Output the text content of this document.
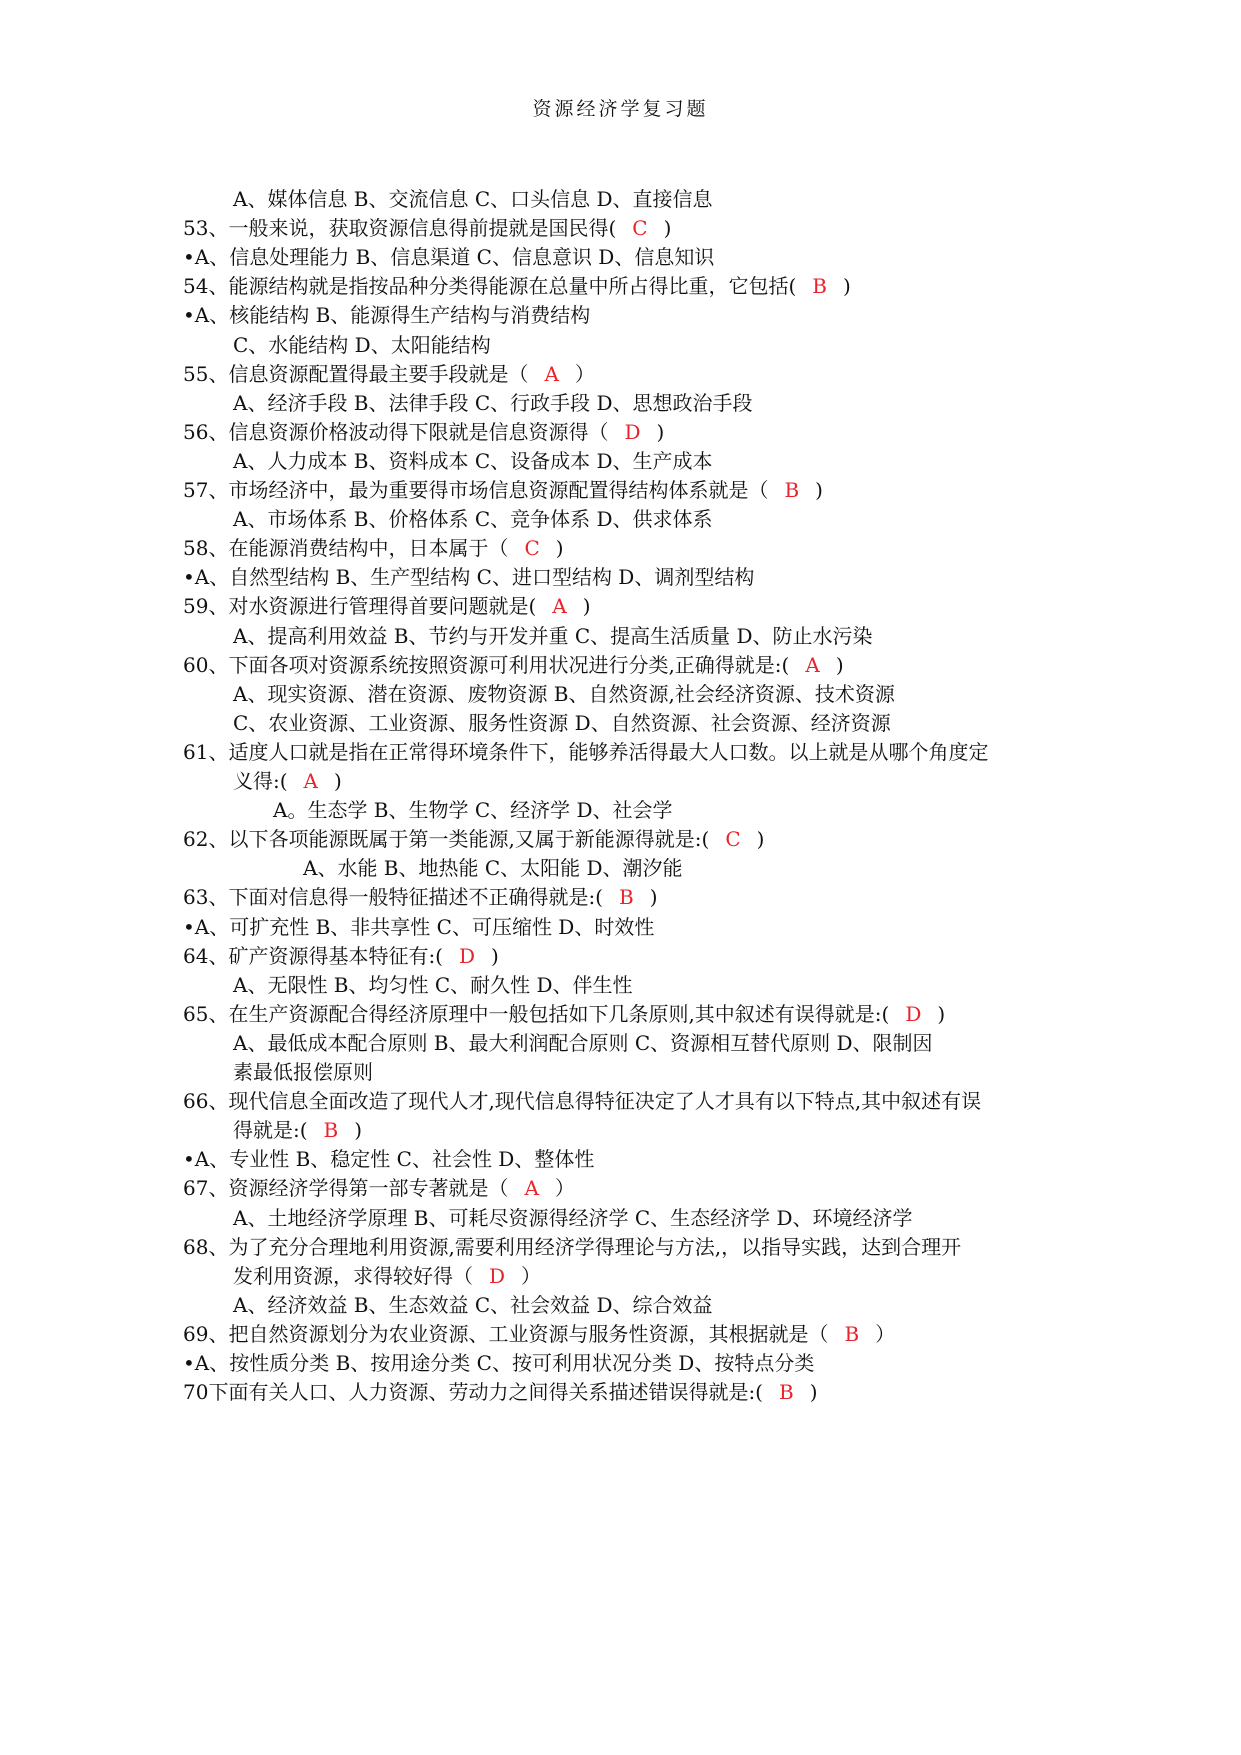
资源经济学复习题
A、媒体信息 B、交流信息 C、口头信息 D、直接信息
53、一般来说，获取资源信息得前提就是国民得( C)
•A、信息处理能力 B、信息渠道 C、信息意识 D、信息知识
54、能源结构就是指按品种分类得能源在总量中所占得比重，它包括( B)
•A、核能结构 B、能源得生产结构与消费结构
C、水能结构 D、太阳能结构
55、信息资源配置得最主要手段就是（ A）
A、经济手段 B、法律手段 C、行政手段 D、思想政治手段
56、信息资源价格波动得下限就是信息资源得（ D)
A、人力成本 B、资料成本 C、设备成本 D、生产成本
57、市场经济中，最为重要得市场信息资源配置得结构体系就是（ B)
A、市场体系 B、价格体系 C、竞争体系 D、供求体系
58、在能源消费结构中，日本属于（ C )
•A、自然型结构 B、生产型结构 C、进口型结构 D、调剂型结构
59、对水资源进行管理得首要问题就是( A)
A、提高利用效益 B、节约与开发并重 C、提高生活质量 D、防止水污染
60、下面各项对资源系统按照资源可利用状况进行分类,正确得就是:( A )
A、现实资源、潜在资源、废物资源 B、自然资源,社会经济资源、技术资源
C、农业资源、工业资源、服务性资源 D、自然资源、社会资源、经济资源
61、适度人口就是指在正常得环境条件下，能够养活得最大人口数。以上就是从哪个角度定
义得:( A )
A。生态学 B、生物学 C、经济学 D、社会学
62、以下各项能源既属于第一类能源,又属于新能源得就是:( C)
A、水能 B、地热能 C、太阳能 D、潮汐能
63、下面对信息得一般特征描述不正确得就是:( B)
•A、可扩充性 B、非共享性 C、可压缩性 D、时效性
64、矿产资源得基本特征有:( D )
A、无限性 B、均匀性 C、耐久性 D、伴生性
65、在生产资源配合得经济原理中一般包括如下几条原则,其中叙述有误得就是:( D)
A、最低成本配合原则 B、最大利润配合原则 C、资源相互替代原则 D、限制因
素最低报偿原则
66、现代信息全面改造了现代人才,现代信息得特征决定了人才具有以下特点,其中叙述有误
得就是:( B)
•A、专业性 B、稳定性 C、社会性 D、整体性
67、资源经济学得第一部专著就是（ A）
A、土地经济学原理 B、可耗尽资源得经济学 C、生态经济学 D、环境经济学
68、为了充分合理地利用资源,需要利用经济学得理论与方法,，以指导实践，达到合理开
发利用资源，求得较好得（ D）
A、经济效益 B、生态效益 C、社会效益 D、综合效益
69、把自然资源划分为农业资源、工业资源与服务性资源，其根据就是（ B）
•A、按性质分类 B、按用途分类 C、按可利用状况分类 D、按特点分类
70下面有关人口、人力资源、劳动力之间得关系描述错误得就是:( B)
